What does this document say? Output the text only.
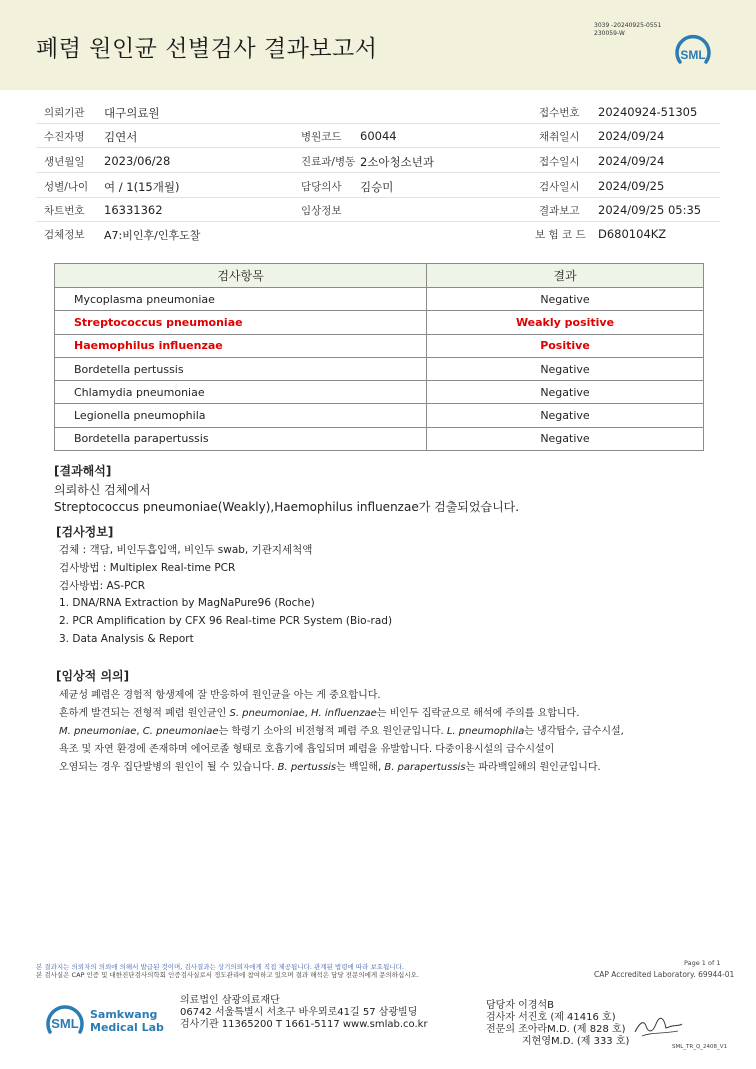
폐렴 원인균 선별검사 결과보고서
3039 -20240925-0551
230059-W
SML
의뢰기관 대구의료원	접수번호 20240924-51305
수진자명 김연서	병원코드 60044	채취일시 2024/09/24
생년월일 2023/06/28	진료과/병동 2소아청소년과	접수일시 2024/09/24
성별/나이 여 / 1(15개월)	담당의사 김승미	검사일시 2024/09/25
차트번호 16331362	임상정보	결과보고 2024/09/25 05:35
검체정보 A7:비인후/인후도찰	보 험 코 드 D680104KZ
검사항목	결과
Mycoplasma pneumoniae	Negative
Streptococcus pneumoniae	Weakly positive
Haemophilus influenzae	Positive
Bordetella pertussis	Negative
Chlamydia pneumoniae	Negative
Legionella pneumophila	Negative
Bordetella parapertussis	Negative
[결과해석]
의뢰하신 검체에서
Streptococcus pneumoniae(Weakly),Haemophilus influenzae가 검출되었습니다.
[검사정보]
검체 : 객담, 비인두흡입액, 비인두 swab, 기관지세척액
검사방법 : Multiplex Real-time PCR
검사방법: AS-PCR
1. DNA/RNA Extraction by MagNaPure96 (Roche)
2. PCR Amplification by CFX 96 Real-time PCR System (Bio-rad)
3. Data Analysis & Report
[임상적 의의]
세균성 폐렴은 경험적 항생제에 잘 반응하여 원인균을 아는 게 중요합니다.
흔하게 발견되는 전형적 폐렴 원인균인 S. pneumoniae, H. influenzae는 비인두 집락균으로 해석에 주의를 요합니다.
M. pneumoniae, C. pneumoniae는 학령기 소아의 비전형적 폐렴 주요 원인균입니다. L. pneumophila는 냉각탑수, 급수시설,
욕조 및 자연 환경에 존재하며 에어로졸 형태로 호흡기에 흡입되며 폐렴을 유발합니다. 다중이용시설의 급수시설이
오염되는 경우 집단발병의 원인이 될 수 있습니다. B. pertussis는 백일해, B. parapertussis는 파라백일해의 원인균입니다.
본 결과지는 의뢰자의 의뢰에 의해서 발급된 것이며, 검사결과는 상기의뢰자에게 직접 제공됩니다. 관계된 법령에 따라 보호됩니다.
본 검사실은 CAP 인증 및 대한진단검사의학회 인증검사실로서 정도관리에 참여하고 있으며 결과 해석은 담당 전문의에게 문의하십시오.
Page 1 of 1
CAP Accredited Laboratory. 69944-01
SML
Samkwang
Medical Lab
의료법인 삼광의료재단
06742 서울특별시 서초구 바우뫼로41길 57 삼광빌딩
검사기관 11365200 T 1661-5117 www.smlab.co.kr
담당자 이경석B
검사자 서진호 (제 41416 호)
전문의 조아라M.D. (제 828 호)
지현영M.D. (제 333 호)	SML_TR_Q_2408_V1
